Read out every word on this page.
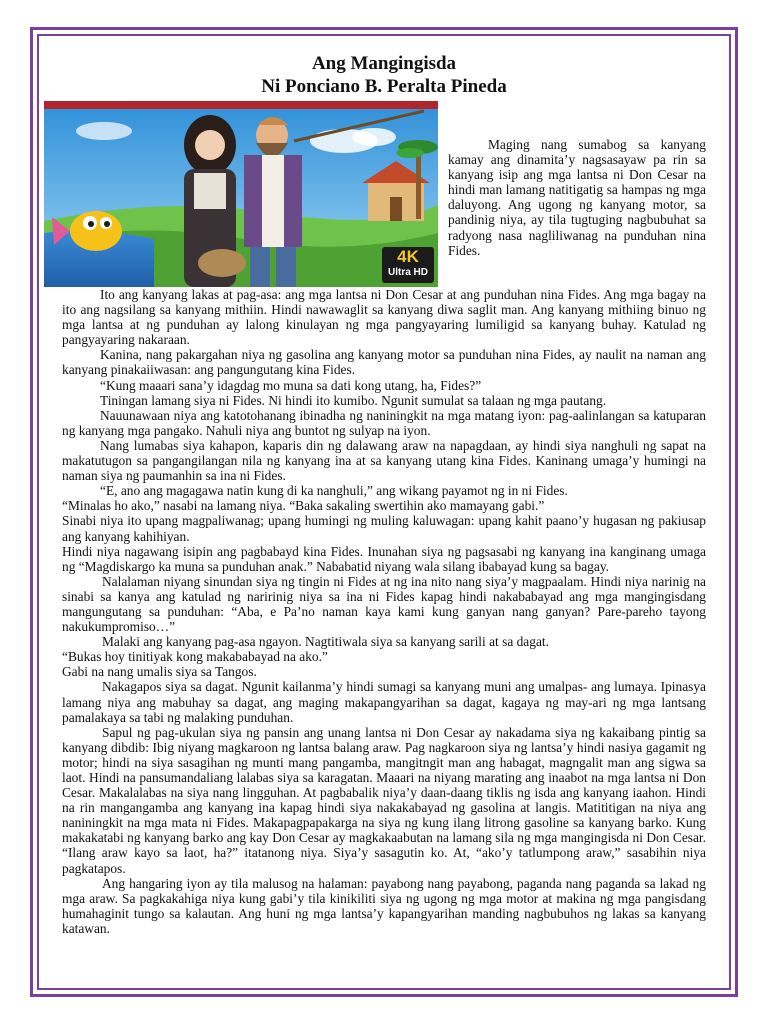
Ang Mangingisda
Ni Ponciano B. Peralta Pineda
4K
Ultra HD

Maging nang sumabog sa kanyang kamay ang dinamita’y nagsasayaw pa rin sa kanyang isip ang mga lantsa ni Don Cesar na hindi man lamang natitigatig sa hampas ng mga daluyong. Ang ugong ng kanyang motor, sa pandinig niya, ay tila tugtuging nagbubuhat sa radyong nasa nagliliwanag na punduhan nina Fides.

Ito ang kanyang lakas at pag-asa: ang mga lantsa ni Don Cesar at ang punduhan nina Fides. Ang mga bagay na ito ang nagsilang sa kanyang mithiin. Hindi nawawaglit sa kanyang diwa saglit man. Ang kanyang mithiing binuo ng mga lantsa at ng punduhan ay lalong kinulayan ng mga pangyayaring lumiligid sa kanyang buhay. Katulad ng pangyayaring nakaraan.

Kanina, nang pakargahan niya ng gasolina ang kanyang motor sa punduhan nina Fides, ay naulit na naman ang kanyang pinakaiiwasan: ang pangungutang kina Fides.

“Kung maaari sana’y idagdag mo muna sa dati kong utang, ha, Fides?”

Tiningan lamang siya ni Fides. Ni hindi ito kumibo. Ngunit sumulat sa talaan ng mga pautang.

Nauunawaan niya ang katotohanang ibinadha ng naniningkit na mga matang iyon: pag-aalinlangan sa katuparan ng kanyang mga pangako. Nahuli niya ang buntot ng sulyap na iyon.

Nang lumabas siya kahapon, kaparis din ng dalawang araw na napagdaan, ay hindi siya nanghuli ng sapat na makatutugon sa pangangilangan nila ng kanyang ina at sa kanyang utang kina Fides. Kaninang umaga’y humingi na naman siya ng paumanhin sa ina ni Fides.

“E, ano ang magagawa natin kung di ka nanghuli,” ang wikang payamot ng in ni Fides.

“Minalas ho ako,” nasabi na lamang niya. “Baka sakaling swertihin ako mamayang gabi.”

Sinabi niya ito upang magpaliwanag; upang humingi ng muling kaluwagan: upang kahit paano’y hugasan ng pakiusap ang kanyang kahihiyan.

Hindi niya nagawang isipin ang pagbabayd kina Fides. Inunahan siya ng pagsasabi ng kanyang ina kanginang umaga ng “Magdiskargo ka muna sa punduhan anak.” Nababatid niyang wala silang ibabayad kung sa bagay.

Nalalaman niyang sinundan siya ng tingin ni Fides at ng ina nito nang siya’y magpaalam. Hindi niya narinig na sinabi sa kanya ang katulad ng naririnig niya sa ina ni Fides kapag hindi nakababayad ang mga mangingisdang mangungutang sa punduhan: “Aba, e Pa’no naman kaya kami kung ganyan nang ganyan? Pare-pareho tayong nakukumpromiso…”

Malaki ang kanyang pag-asa ngayon. Nagtitiwala siya sa kanyang sarili at sa dagat.

“Bukas hoy tinitiyak kong makababayad na ako.”

Gabi na nang umalis siya sa Tangos.

Nakagapos siya sa dagat. Ngunit kailanma’y hindi sumagi sa kanyang muni ang umalpas- ang lumaya. Ipinasya lamang niya ang mabuhay sa dagat, ang maging makapangyarihan sa dagat, kagaya ng may-ari ng mga lantsang pamalakaya sa tabi ng malaking punduhan.

Sapul ng pag-ukulan siya ng pansin ang unang lantsa ni Don Cesar ay nakadama siya ng kakaibang pintig sa kanyang dibdib: Ibig niyang magkaroon ng lantsa balang araw. Pag nagkaroon siya ng lantsa’y hindi nasiya gagamit ng motor; hindi na siya sasagihan ng munti mang pangamba, mangitngit man ang habagat, magngalit man ang sigwa sa laot. Hindi na pansumandaliang lalabas siya sa karagatan. Maaari na niyang marating ang inaabot na mga lantsa ni Don Cesar. Makalalabas na siya nang lingguhan. At pagbabalik niya’y daan-daang tiklis ng isda ang kanyang iaahon. Hindi na rin mangangamba ang kanyang ina kapag hindi siya nakakabayad ng gasolina at langis. Matititigan na niya ang naniningkit na mga mata ni Fides. Makapagpapakarga na siya ng kung ilang litrong gasoline sa kanyang barko. Kung makakatabi ng kanyang barko ang kay Don Cesar ay magkakaabutan na lamang sila ng mga mangingisda ni Don Cesar. “Ilang araw kayo sa laot, ha?” itatanong niya. Siya’y sasagutin ko. At, “ako’y tatlumpong araw,” sasabihin niya pagkatapos.

Ang hangaring iyon ay tila malusog na halaman: payabong nang payabong, paganda nang paganda sa lakad ng mga araw. Sa pagkakahiga niya kung gabi’y tila kinikiliti siya ng ugong ng mga motor at makina ng mga pangisdang humahaginit tungo sa kalautan. Ang huni ng mga lantsa’y kapangyarihan manding nagbubuhos ng lakas sa kanyang katawan.
